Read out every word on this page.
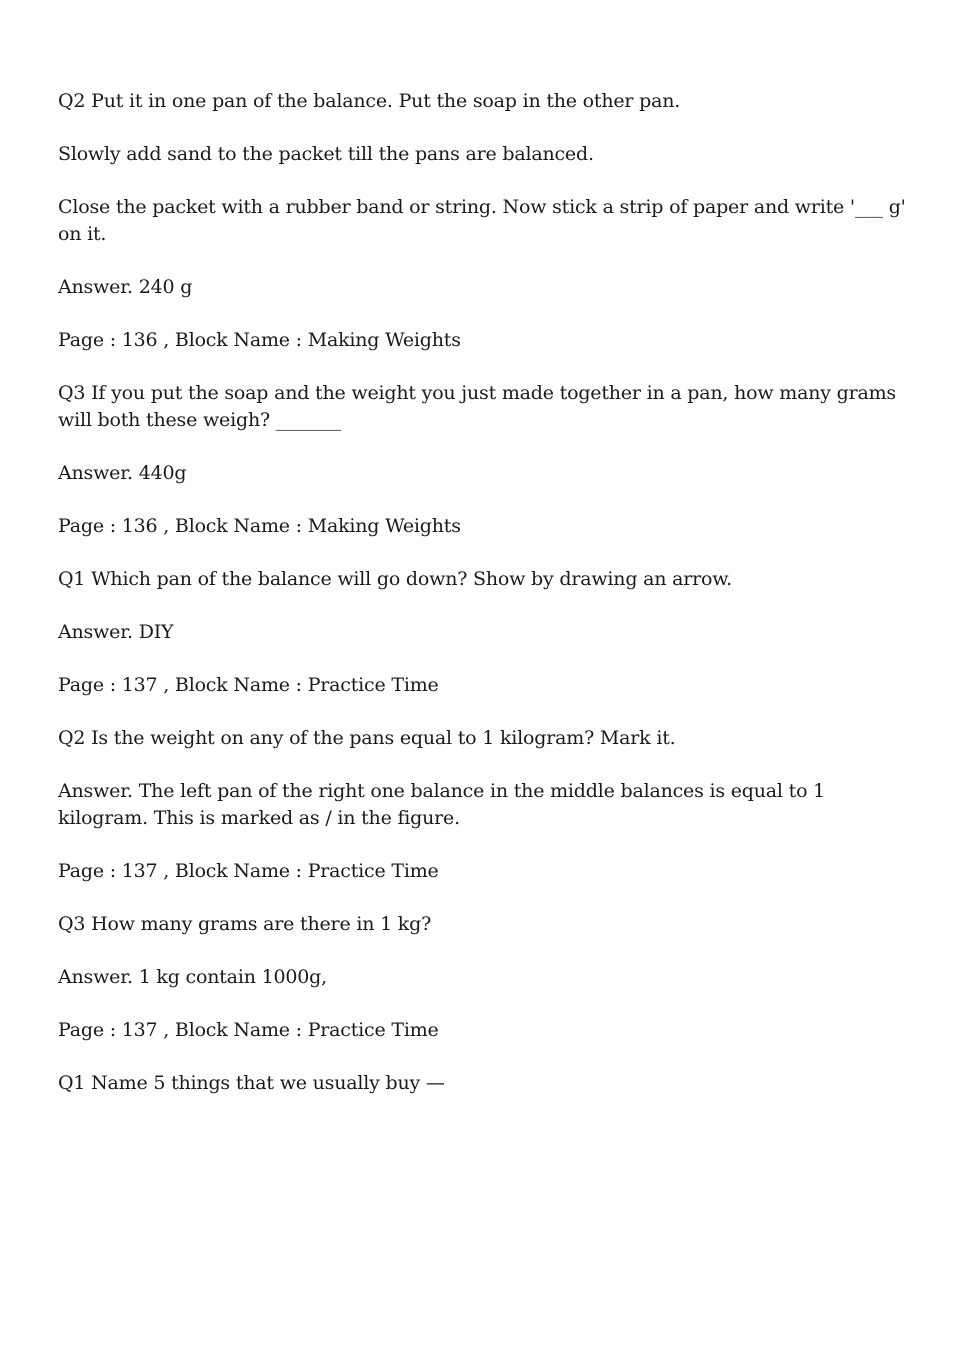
Q2 Put it in one pan of the balance. Put the soap in the other pan.

Slowly add sand to the packet till the pans are balanced.

Close the packet with a rubber band or string. Now stick a strip of paper and write '___ g' on it.

Answer. 240 g

Page : 136 , Block Name : Making Weights

Q3 If you put the soap and the weight you just made together in a pan, how many grams will both these weigh? _______

Answer. 440g

Page : 136 , Block Name : Making Weights

Q1 Which pan of the balance will go down? Show by drawing an arrow.

Answer. DIY

Page : 137 , Block Name : Practice Time

Q2 Is the weight on any of the pans equal to 1 kilogram? Mark it.

Answer. The left pan of the right one balance in the middle balances is equal to 1 kilogram. This is marked as / in the figure.

Page : 137 , Block Name : Practice Time

Q3 How many grams are there in 1 kg?

Answer. 1 kg contain 1000g,

Page : 137 , Block Name : Practice Time

Q1 Name 5 things that we usually buy —
